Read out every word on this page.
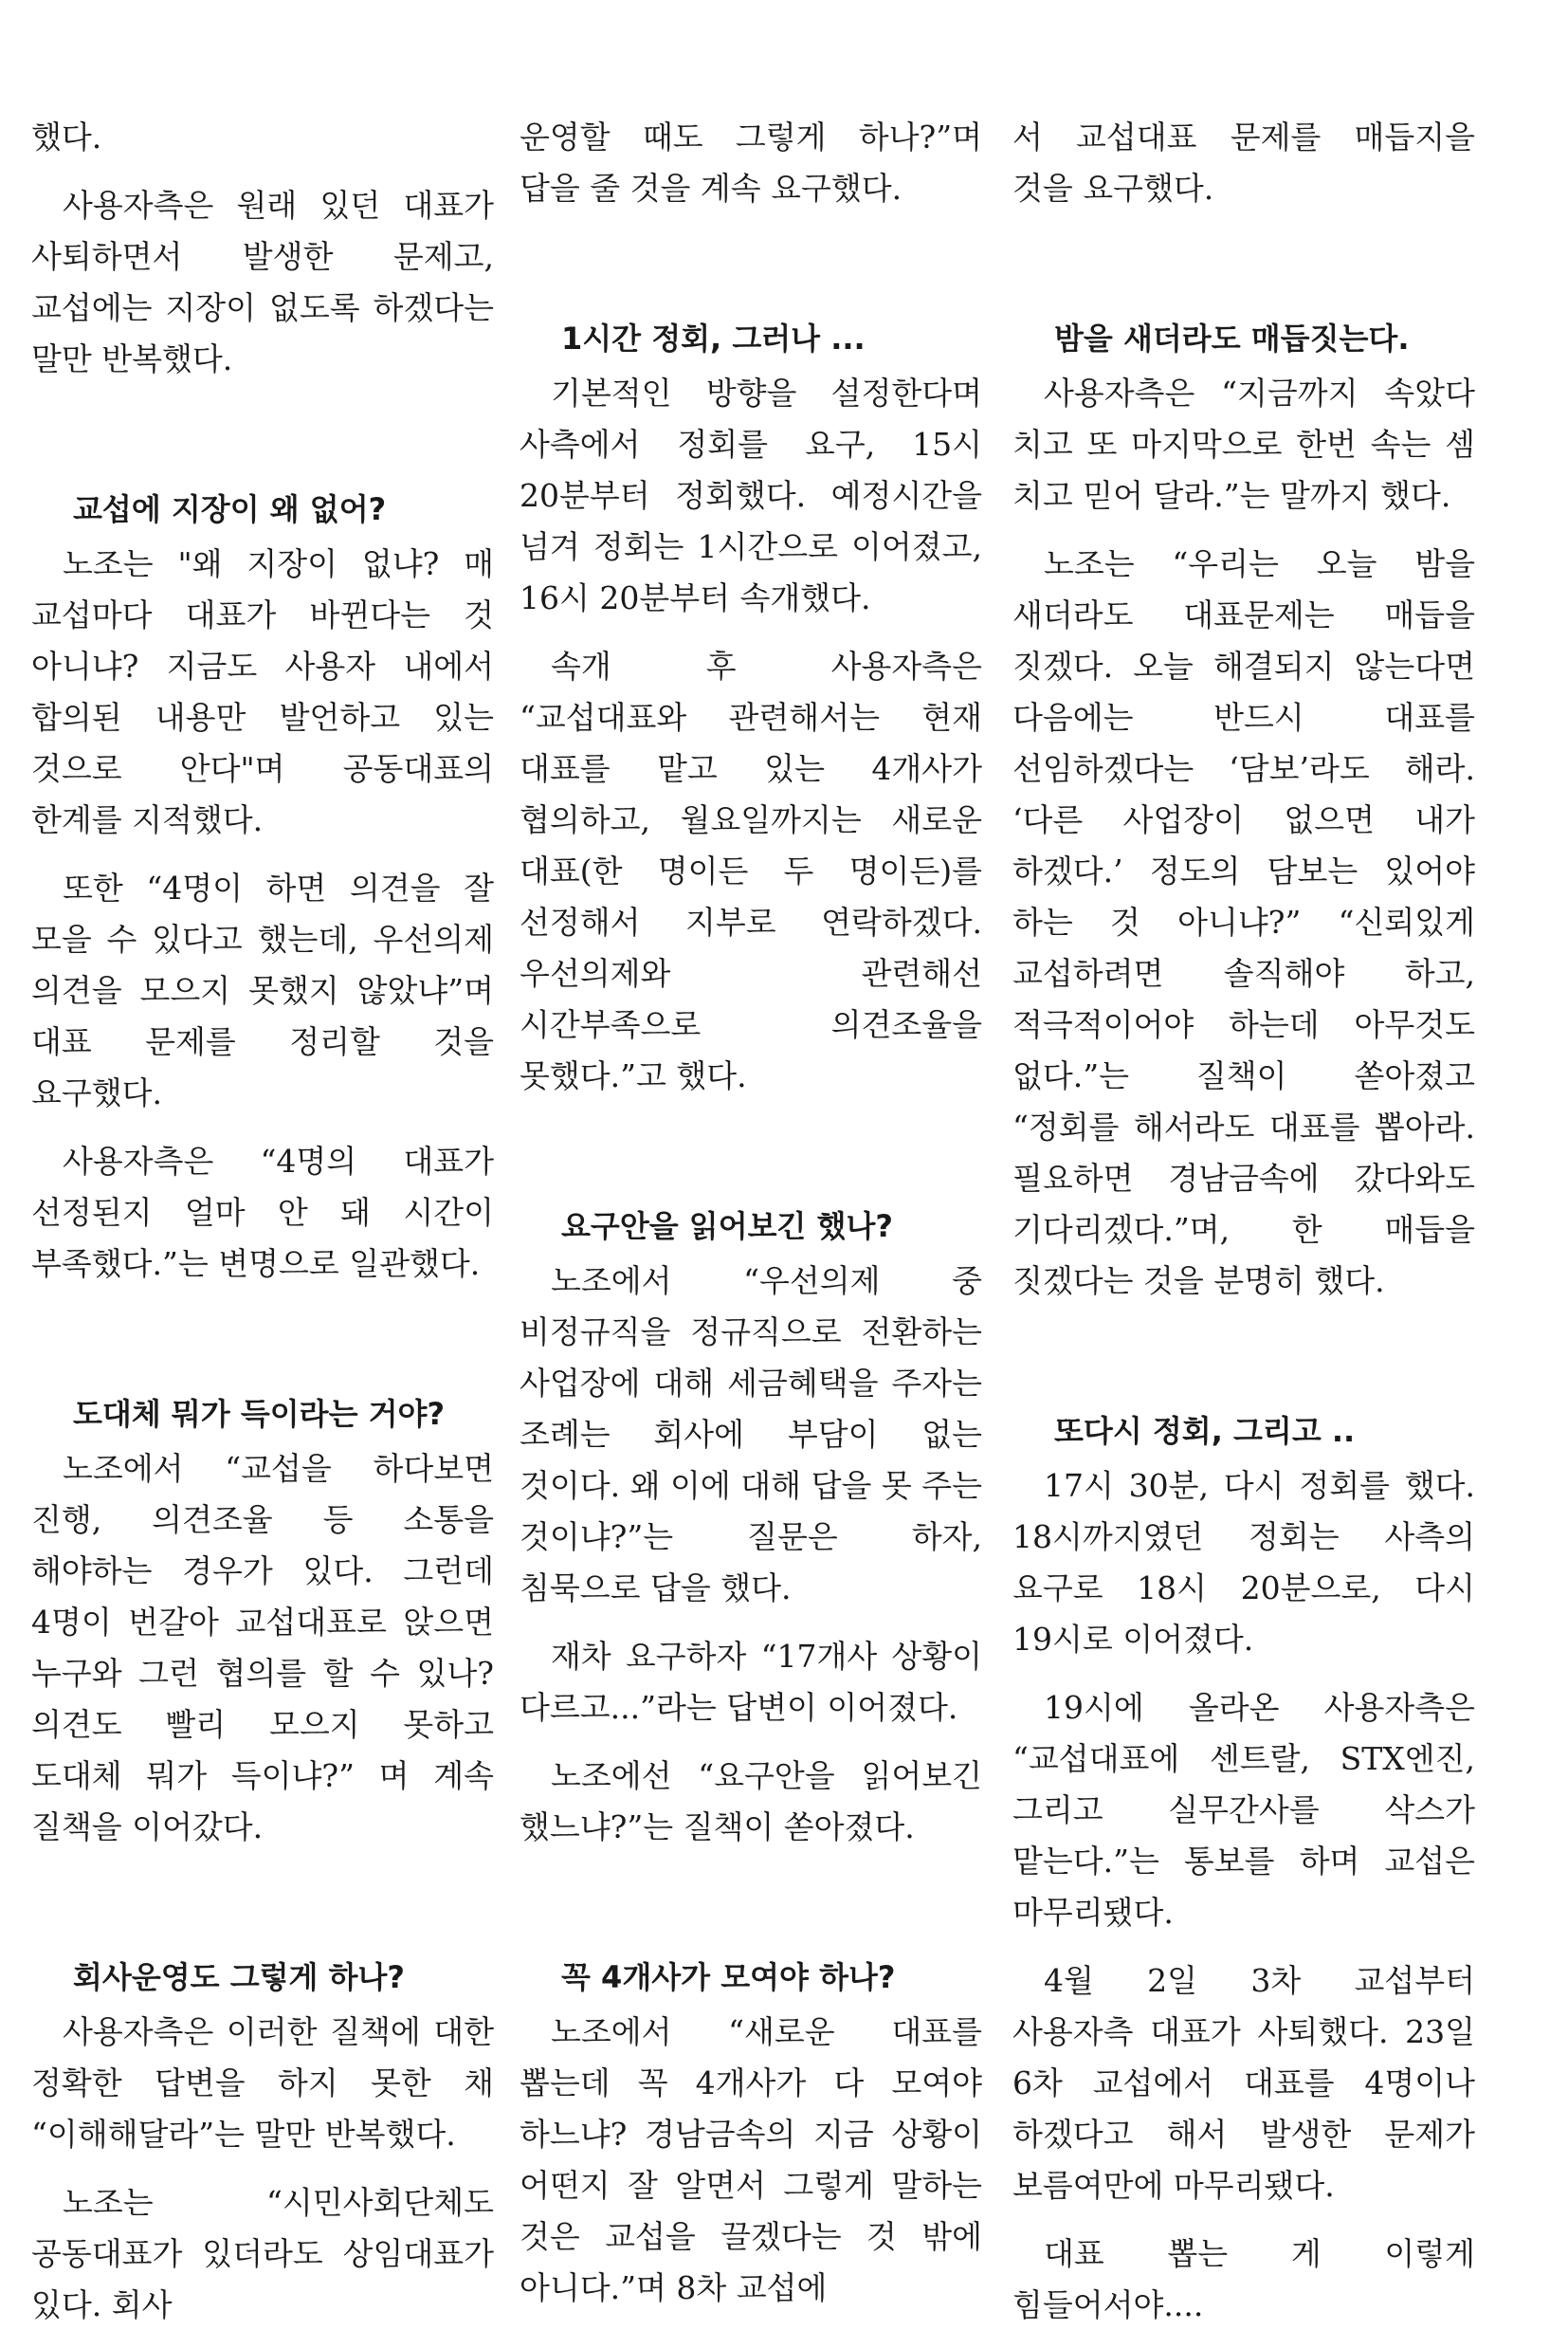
했다.

사용자측은 원래 있던 대표가 사퇴하면서 발생한 문제고, 교섭에는 지장이 없도록 하겠다는 말만 반복했다.

교섭에 지장이 왜 없어?

노조는 "왜 지장이 없냐? 매 교섭마다 대표가 바뀐다는 것 아니냐? 지금도 사용자 내에서 합의된 내용만 발언하고 있는 것으로 안다"며 공동대표의 한계를 지적했다.

또한 “4명이 하면 의견을 잘 모을 수 있다고 했는데, 우선의제 의견을 모으지 못했지 않았냐”며 대표 문제를 정리할 것을 요구했다.

사용자측은 “4명의 대표가 선정된지 얼마 안 돼 시간이 부족했다.”는 변명으로 일관했다.

도대체 뭐가 득이라는 거야?

노조에서 “교섭을 하다보면 진행, 의견조율 등 소통을 해야하는 경우가 있다. 그런데 4명이 번갈아 교섭대표로 앉으면 누구와 그런 협의를 할 수 있나? 의견도 빨리 모으지 못하고 도대체 뭐가 득이냐?” 며 계속 질책을 이어갔다.

회사운영도 그렇게 하나?

사용자측은 이러한 질책에 대한 정확한 답변을 하지 못한 채 “이해해달라”는 말만 반복했다.

노조는 “시민사회단체도 공동대표가 있더라도 상임대표가 있다. 회사

운영할 때도 그렇게 하나?”며 답을 줄 것을 계속 요구했다.

1시간 정회, 그러나 ...

기본적인 방향을 설정한다며 사측에서 정회를 요구, 15시 20분부터 정회했다. 예정시간을 넘겨 정회는 1시간으로 이어졌고, 16시 20분부터 속개했다.

속개 후 사용자측은 “교섭대표와 관련해서는 현재 대표를 맡고 있는 4개사가 협의하고, 월요일까지는 새로운 대표(한 명이든 두 명이든)를 선정해서 지부로 연락하겠다. 우선의제와 관련해선 시간부족으로 의견조율을 못했다.”고 했다.

요구안을 읽어보긴 했나?

노조에서 “우선의제 중 비정규직을 정규직으로 전환하는 사업장에 대해 세금혜택을 주자는 조례는 회사에 부담이 없는 것이다. 왜 이에 대해 답을 못 주는 것이냐?”는 질문은 하자, 침묵으로 답을 했다.

재차 요구하자 “17개사 상황이 다르고...”라는 답변이 이어졌다.

노조에선 “요구안을 읽어보긴 했느냐?”는 질책이 쏟아졌다.

꼭 4개사가 모여야 하나?

노조에서 “새로운 대표를 뽑는데 꼭 4개사가 다 모여야 하느냐? 경남금속의 지금 상황이 어떤지 잘 알면서 그렇게 말하는 것은 교섭을 끌겠다는 것 밖에 아니다.”며 8차 교섭에

서 교섭대표 문제를 매듭지을 것을 요구했다.

밤을 새더라도 매듭짓는다.

사용자측은 “지금까지 속았다 치고 또 마지막으로 한번 속는 셈 치고 믿어 달라.”는 말까지 했다.

노조는 “우리는 오늘 밤을 새더라도 대표문제는 매듭을 짓겠다. 오늘 해결되지 않는다면 다음에는 반드시 대표를 선임하겠다는 ‘담보’라도 해라. ‘다른 사업장이 없으면 내가 하겠다.’ 정도의 담보는 있어야 하는 것 아니냐?” “신뢰있게 교섭하려면 솔직해야 하고, 적극적이어야 하는데 아무것도 없다.”는 질책이 쏟아졌고 “정회를 해서라도 대표를 뽑아라. 필요하면 경남금속에 갔다와도 기다리겠다.”며, 한 매듭을 짓겠다는 것을 분명히 했다.

또다시 정회, 그리고 ..

17시 30분, 다시 정회를 했다. 18시까지였던 정회는 사측의 요구로 18시 20분으로, 다시 19시로 이어졌다.

19시에 올라온 사용자측은 “교섭대표에 센트랄, STX엔진, 그리고 실무간사를 삭스가 맡는다.”는 통보를 하며 교섭은 마무리됐다.

4월 2일 3차 교섭부터 사용자측 대표가 사퇴했다. 23일 6차 교섭에서 대표를 4명이나 하겠다고 해서 발생한 문제가 보름여만에 마무리됐다.

대표 뽑는 게 이렇게 힘들어서야....
